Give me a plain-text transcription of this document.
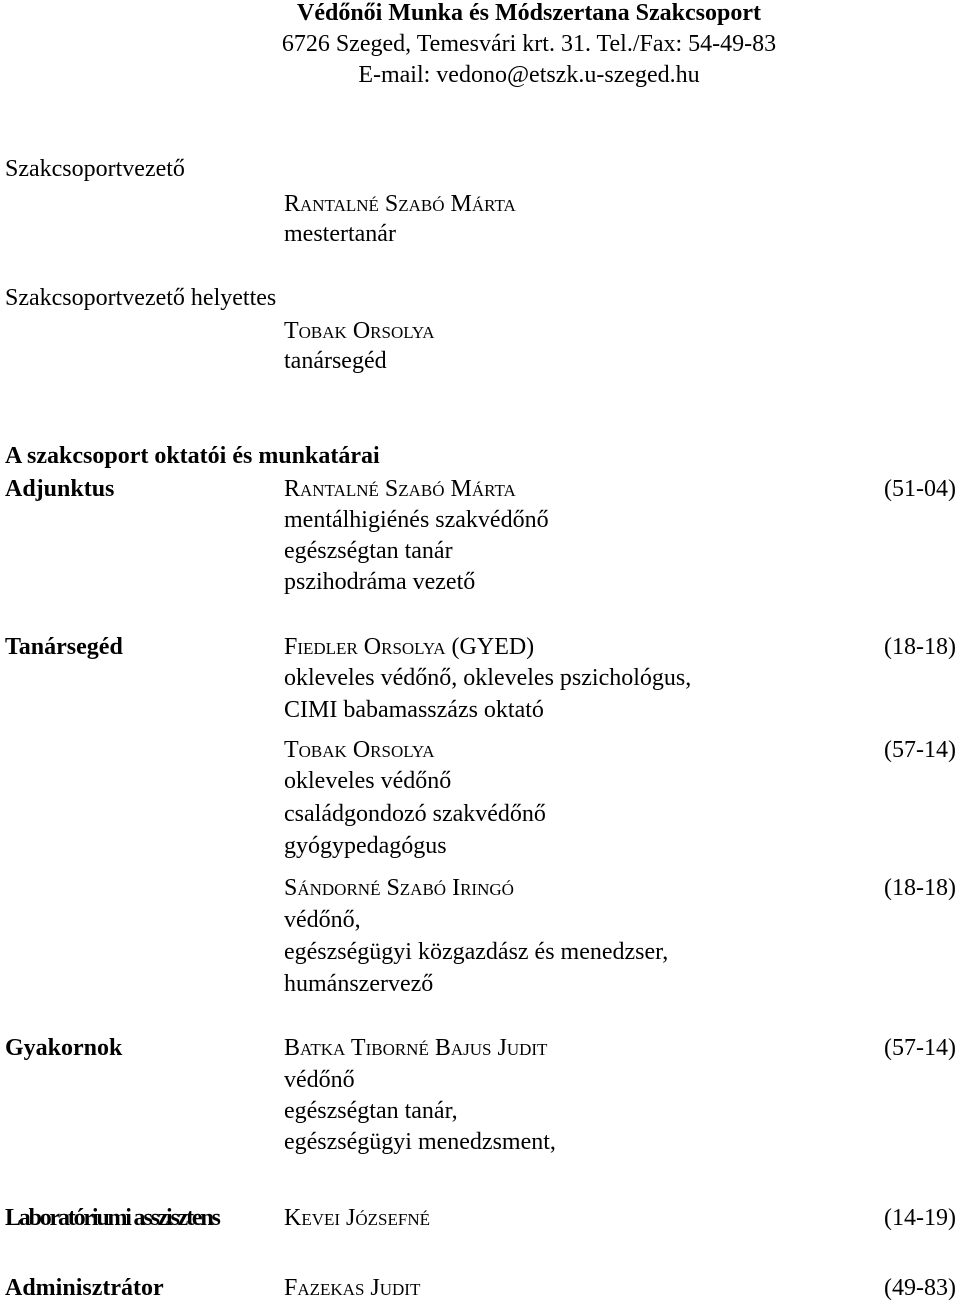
Védőnői Munka és Módszertana Szakcsoport
6726 Szeged, Temesvári krt. 31. Tel./Fax: 54-49-83
E-mail: vedono@etszk.u-szeged.hu
Szakcsoportvezető
Rantalné Szabó Márta
mestertanár
Szakcsoportvezető helyettes
Tobak Orsolya
tanársegéd
A szakcsoport oktatói és munkatárai
Adjunktus	Rantalné Szabó Márta	(51-04)
mentálhigiénés szakvédőnő
egészségtan tanár
pszihodráma vezető
Tanársegéd	Fiedler Orsolya (GYED)	(18-18)
okleveles védőnő, okleveles pszichológus,
CIMI babamasszázs oktató
Tobak Orsolya	(57-14)
okleveles védőnő
családgondozó szakvédőnő
gyógypedagógus
Sándorné Szabó Iringó	(18-18)
védőnő,
egészségügyi közgazdász és menedzser,
humánszervező
Gyakornok	Batka Tiborné Bajus Judit	(57-14)
védőnő
egészségtan tanár,
egészségügyi menedzsment,
Laboratóriumi asszisztens	Kevei Józsefné	(14-19)
Adminisztrátor	Fazekas Judit	(49-83)
